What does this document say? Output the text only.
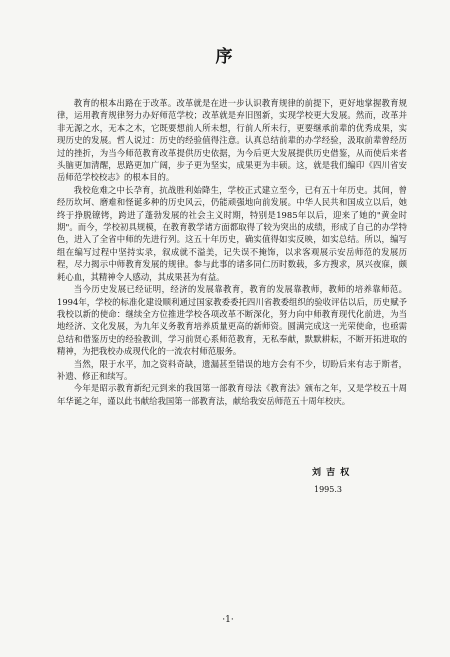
序

教育的根本出路在于改革。改革就是在进一步认识教育规律的前提下，更好地掌握教育规律，运用教育规律努力办好师范学校；改革就是弃旧图新，实现学校更大发展。然而，改革并非无源之水，无本之木，它既要想前人所未想，行前人所未行，更要继承前辈的优秀成果，实现历史的发展。哲人说过：历史的经验值得注意。认真总结前辈的办学经验，汲取前辈曾经历过的挫折，为当今师范教育改革提供历史依据，为今后更大发展提供历史借鉴，从而使后来者头脑更加清醒，思路更加广阔，步子更为坚实，成果更为丰硕。这，就是我们编印《四川省安岳师范学校校志》的根本目的。

我校危难之中长孕育，抗战胜利始降生，学校正式建立至今，已有五十年历史。其间，曾经历坎坷、磨难和怪诞多种的历史风云，仍能顽强地向前发展。中华人民共和国成立以后，她终于挣脱镣铐，跨进了蓬勃发展的社会主义时期，特别是1985年以后，迎来了她的"黄金时期"。而今，学校初具规模，在教育教学诸方面都取得了较为突出的成绩，形成了自己的办学特色，进入了全省中师的先进行列。这五十年历史，确实值得如实反映，如实总结。所以，编写组在编写过程中坚持实录，叙成就不溢美，记失误不掩饰，以求客观展示安岳师范的发展历程，尽力揭示中师教育发展的规律。参与此事的诸多同仁历时数载，多方搜求，夙兴夜寐，颇耗心血，其精神令人感动，其成果甚为有益。

当今历史发展已经证明，经济的发展靠教育，教育的发展靠教师，教师的培养靠师范。1994年，学校的标准化建设顺利通过国家教委委托四川省教委组织的验收评估以后，历史赋予我校以新的使命：继续全方位推进学校各项改革不断深化，努力向中师教育现代化前进，为当地经济、文化发展，为九年义务教育培养质量更高的新师资。圆满完成这一光荣使命，也亟需总结和借鉴历史的经验教训，学习前贤心系师范教育，无私奉献，默默耕耘，不断开拓进取的精神，为把我校办成现代化的一流农村师范服务。

当然，限于水平，加之资料奇缺，遗漏甚至错误的地方会有不少，切盼后来有志于斯者，补遗、修正和续写。

今年是昭示教育新纪元到来的我国第一部教育母法《教育法》颁布之年，又是学校五十周年华诞之年，谨以此书献给我国第一部教育法，献给我安岳师范五十周年校庆。

刘 吉 权
1995.3
·1·
